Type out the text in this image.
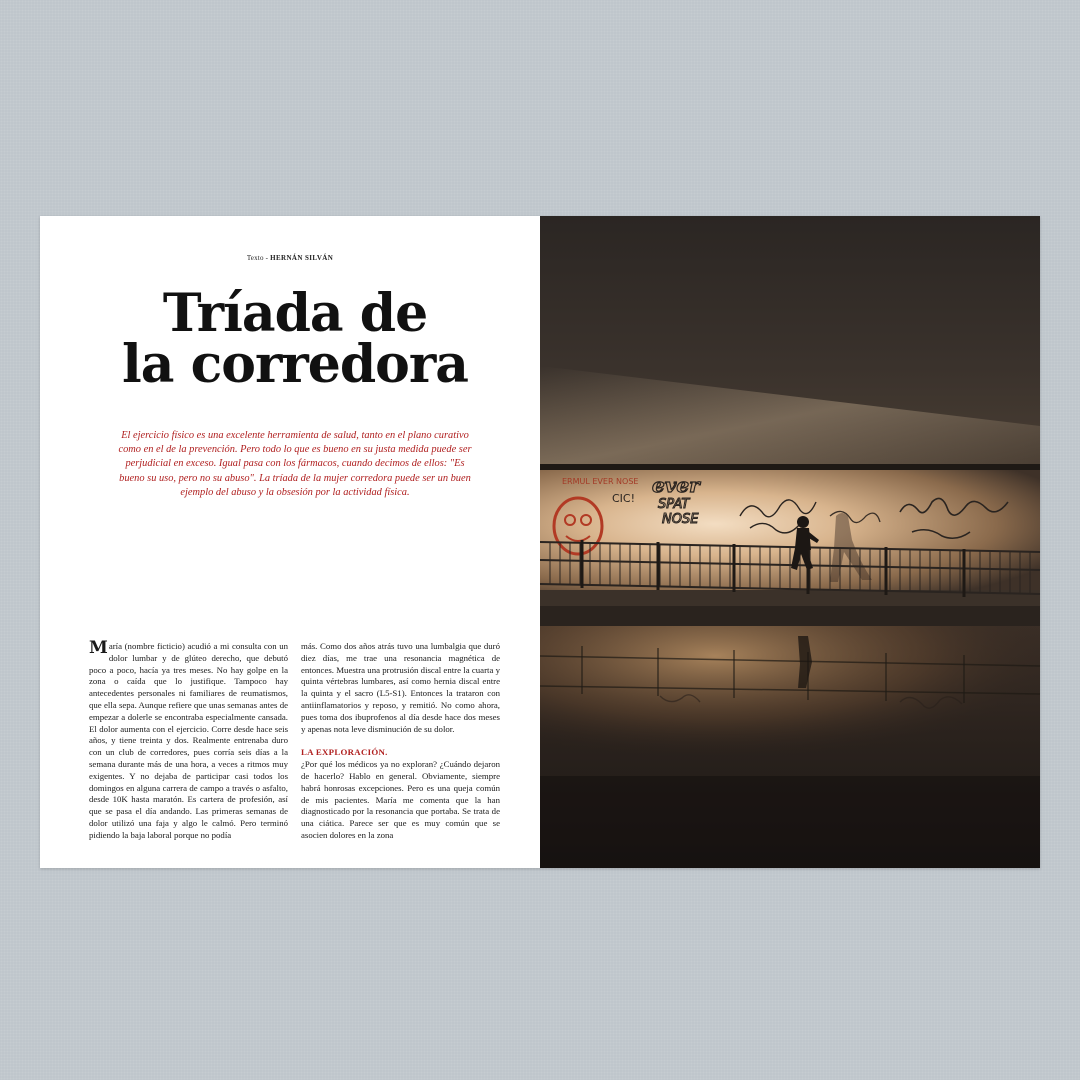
Texto - HERNÁN SILVÁN
Tríada de
la corredora

El ejercicio físico es una excelente herramienta de salud, tanto en el plano curativo como en el de la prevención. Pero todo lo que es bueno en su justa medida puede ser perjudicial en exceso. Igual pasa con los fármacos, cuando decimos de ellos: "Es bueno su uso, pero no su abuso". La tríada de la mujer corredora puede ser un buen ejemplo del abuso y la obsesión por la actividad física.

María (nombre ficticio) acudió a mi consulta con un dolor lumbar y de glúteo derecho, que debutó poco a poco, hacía ya tres meses. No hay golpe en la zona o caída que lo justifique. Tampoco hay antecedentes personales ni familiares de reumatismos, que ella sepa. Aunque refiere que unas semanas antes de empezar a dolerle se encontraba especialmente cansada. El dolor aumenta con el ejercicio. Corre desde hace seis años, y tiene treinta y dos. Realmente entrenaba duro con un club de corredores, pues corría seis días a la semana durante más de una hora, a veces a ritmos muy exigentes. Y no dejaba de participar casi todos los domingos en alguna carrera de campo a través o asfalto, desde 10K hasta maratón. Es cartera de profesión, así que se pasa el día andando. Las primeras semanas de dolor utilizó una faja y algo le calmó. Pero terminó pidiendo la baja laboral porque no podía

más. Como dos años atrás tuvo una lumbalgia que duró diez días, me trae una resonancia magnética de entonces. Muestra una protrusión discal entre la cuarta y quinta vértebras lumbares, así como hernia discal entre la quinta y el sacro (L5-S1). Entonces la trataron con antiinflamatorios y reposo, y remitió. No como ahora, pues toma dos ibuprofenos al día desde hace dos meses y apenas nota leve disminución de su dolor.

LA EXPLORACIÓN.

¿Por qué los médicos ya no exploran? ¿Cuándo dejaron de hacerlo? Hablo en general. Obviamente, siempre habrá honrosas excepciones. Pero es una queja común de mis pacientes. María me comenta que la han diagnosticado por la resonancia que portaba. Se trata de una ciática. Parece ser que es muy común que se asocien dolores en la zona

ERMUL EVER NOSE
CIC!
ever
SPAT
NOSE
